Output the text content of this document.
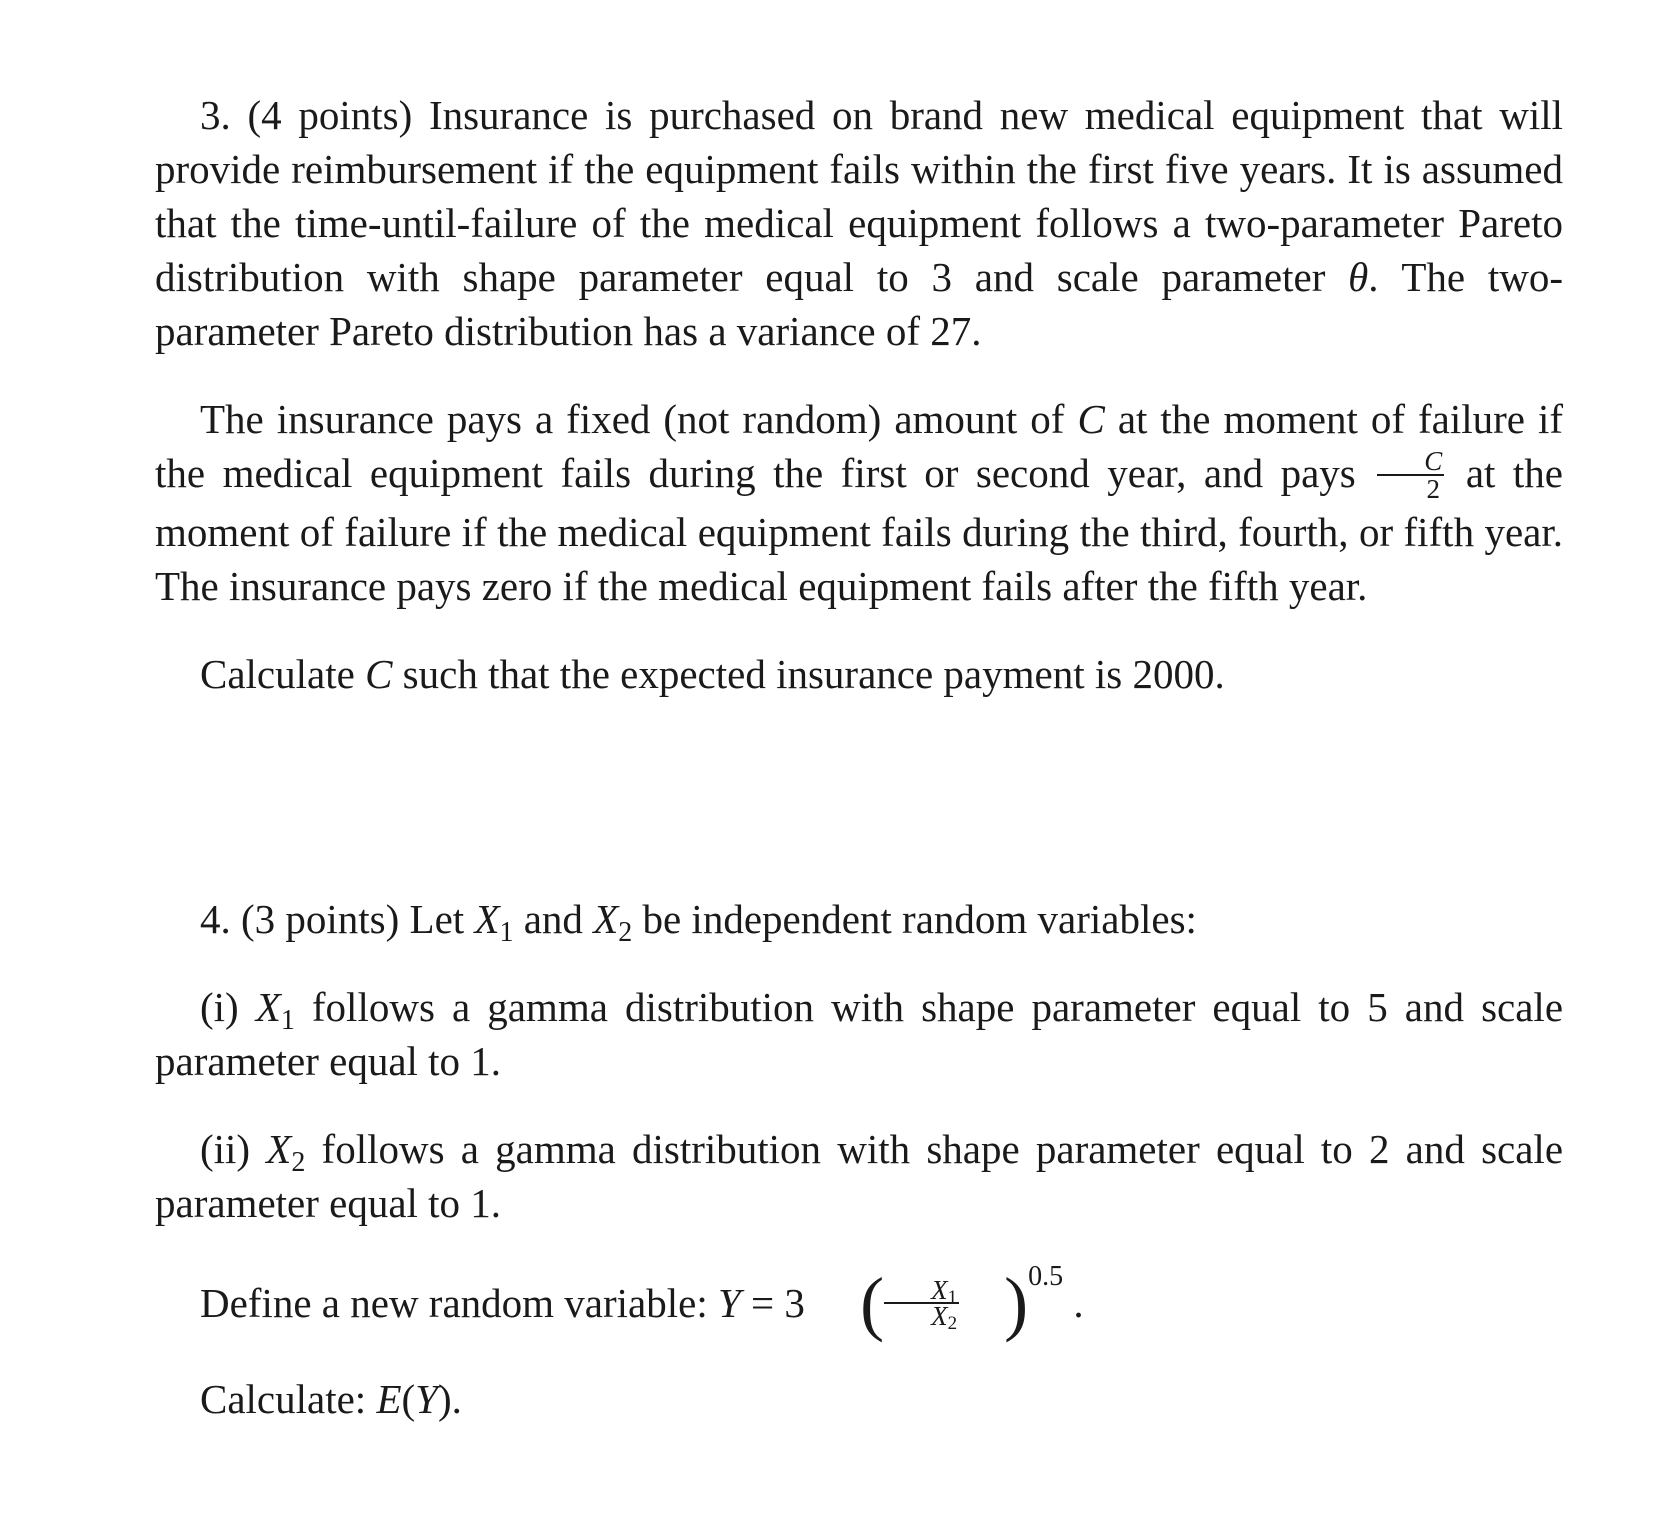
3. (4 points) Insurance is purchased on brand new medical equipment that will provide reimbursement if the equipment fails within the first five years. It is assumed that the time-until-failure of the medical equipment follows a two-parameter Pareto distribution with shape parameter equal to 3 and scale parameter θ. The two-parameter Pareto distribution has a variance of 27.

The insurance pays a fixed (not random) amount of C at the moment of failure if the medical equipment fails during the first or second year, and pays $\frac{C}{2}$ at the moment of failure if the medical equipment fails during the third, fourth, or fifth year. The insurance pays zero if the medical equipment fails after the fifth year.

Calculate C such that the expected insurance payment is 2000.

4. (3 points) Let $X_1$ and $X_2$ be independent random variables:

(i) $X_1$ follows a gamma distribution with shape parameter equal to 5 and scale parameter equal to 1.

(ii) $X_2$ follows a gamma distribution with shape parameter equal to 2 and scale parameter equal to 1.

Define a new random variable: Y = 3 ( $\frac{X_1}{X_2} )^{0.5}$ .

Calculate: E(Y).
